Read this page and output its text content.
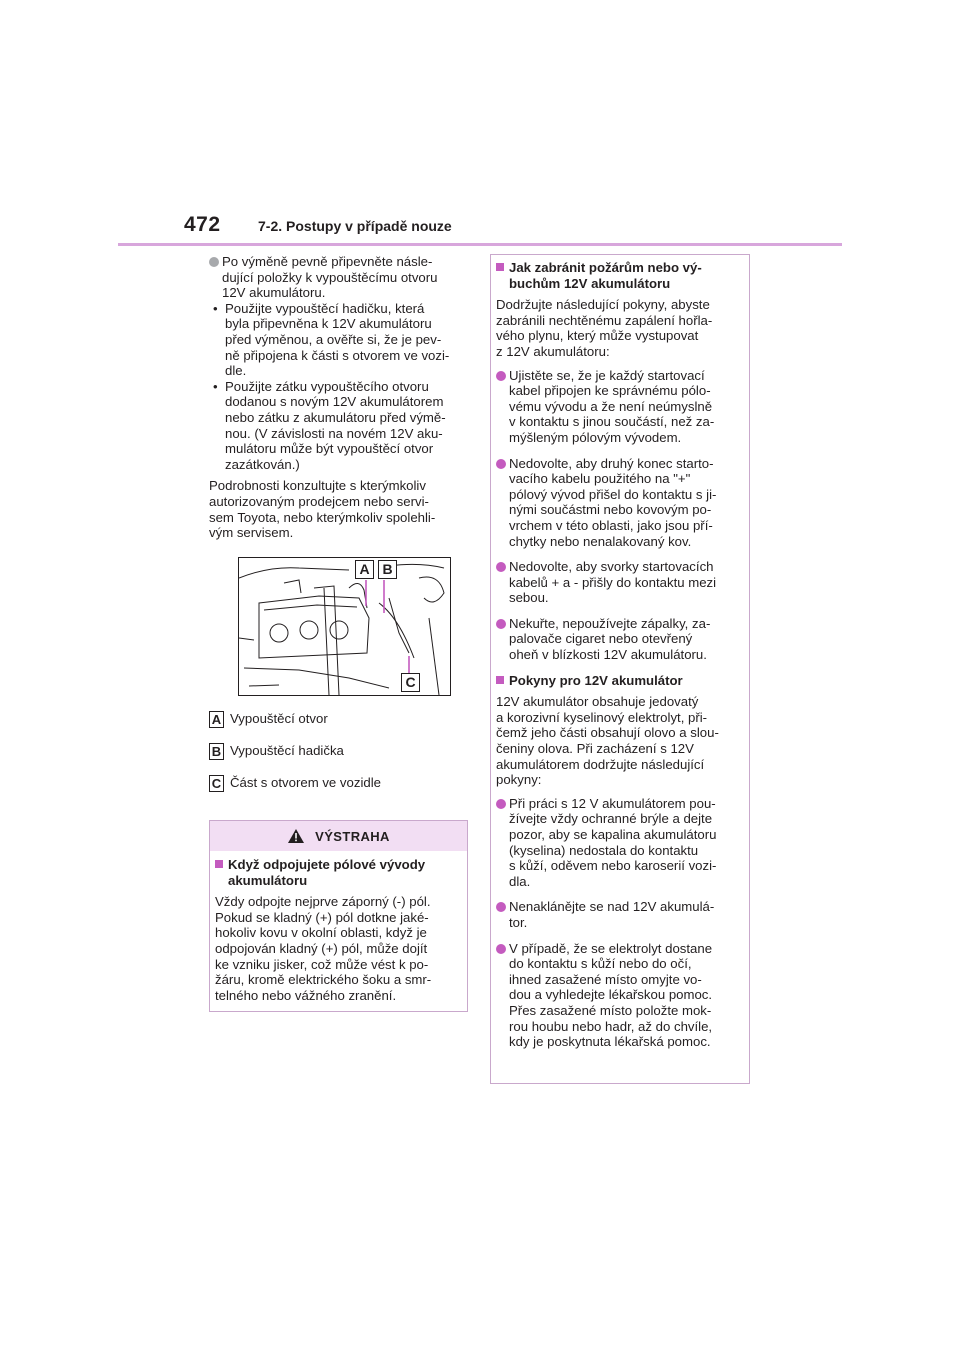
472	7-2. Postupy v případě nouze
Po výměně pevně připevněte násle-
dující položky k vypouštěcímu otvoru
12V akumulátoru.
• Použijte vypouštěcí hadičku, která
byla připevněna k 12V akumulátoru
před výměnou, a ověřte si, že je pev-
ně připojena k části s otvorem ve vozi-
dle.
• Použijte zátku vypouštěcího otvoru
dodanou s novým 12V akumulátorem
nebo zátku z akumulátoru před výmě-
nou. (V závislosti na novém 12V aku-
mulátoru může být vypouštěcí otvor
zazátkován.)
Podrobnosti konzultujte s kterýmkoliv
autorizovaným prodejcem nebo servi-
sem Toyota, nebo kterýmkoliv spolehli-
vým servisem.
A B
C
A Vypouštěcí otvor
B Vypouštěcí hadička
C Část s otvorem ve vozidle
VÝSTRAHA
Když odpojujete pólové vývody
akumulátoru
Vždy odpojte nejprve záporný (-) pól.
Pokud se kladný (+) pól dotkne jaké-
hokoliv kovu v okolní oblasti, když je
odpojován kladný (+) pól, může dojít
ke vzniku jisker, což může vést k po-
žáru, kromě elektrického šoku a smr-
telného nebo vážného zranění.
Jak zabránit požárům nebo vý-
buchům 12V akumulátoru
Dodržujte následující pokyny, abyste
zabránili nechtěnému zapálení hořla-
vého plynu, který může vystupovat
z 12V akumulátoru:
Ujistěte se, že je každý startovací
kabel připojen ke správnému pólo-
vému vývodu a že není neúmyslně
v kontaktu s jinou součástí, než za-
mýšleným pólovým vývodem.
Nedovolte, aby druhý konec starto-
vacího kabelu použitého na "+"
pólový vývod přišel do kontaktu s ji-
nými součástmi nebo kovovým po-
vrchem v této oblasti, jako jsou pří-
chytky nebo nenalakovaný kov.
Nedovolte, aby svorky startovacích
kabelů + a - přišly do kontaktu mezi
sebou.
Nekuřte, nepoužívejte zápalky, za-
palovače cigaret nebo otevřený
oheň v blízkosti 12V akumulátoru.
Pokyny pro 12V akumulátor
12V akumulátor obsahuje jedovatý
a korozivní kyselinový elektrolyt, při-
čemž jeho části obsahují olovo a slou-
čeniny olova. Při zacházení s 12V
akumulátorem dodržujte následující
pokyny:
Při práci s 12 V akumulátorem pou-
žívejte vždy ochranné brýle a dejte
pozor, aby se kapalina akumulátoru
(kyselina) nedostala do kontaktu
s kůží, oděvem nebo karoserií vozi-
dla.
Nenaklánějte se nad 12V akumulá-
tor.
V případě, že se elektrolyt dostane
do kontaktu s kůží nebo do očí,
ihned zasažené místo omyjte vo-
dou a vyhledejte lékařskou pomoc.
Přes zasažené místo položte mok-
rou houbu nebo hadr, až do chvíle,
kdy je poskytnuta lékařská pomoc.
